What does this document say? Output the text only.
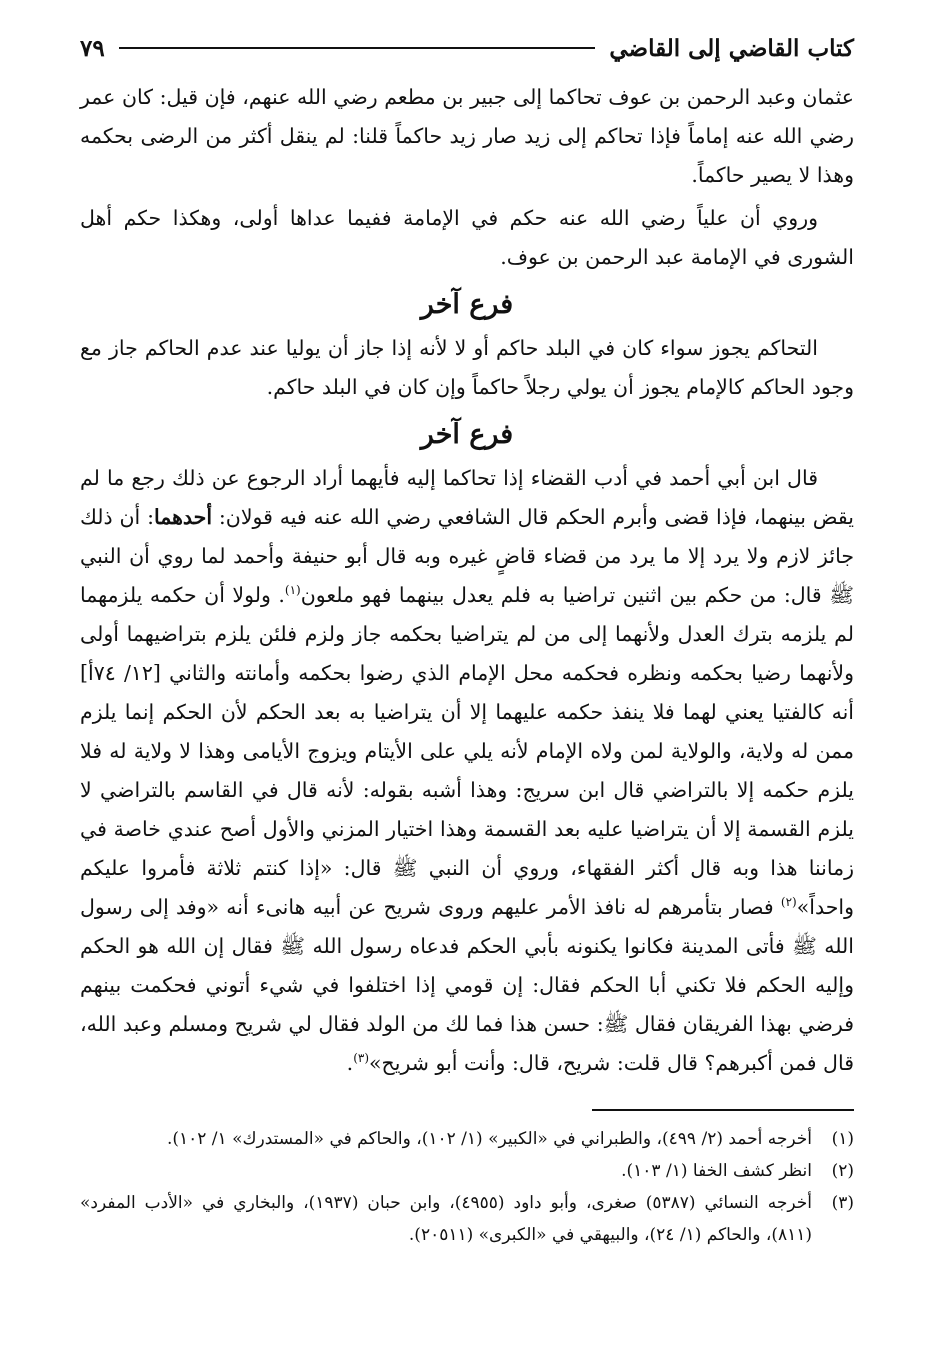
كتاب القاضي إلى القاضي
٧٩

عثمان وعبد الرحمن بن عوف تحاكما إلى جبير بن مطعم رضي الله عنهم، فإن قيل: كان عمر رضي الله عنه إماماً فإذا تحاكم إلى زيد صار زيد حاكماً قلنا: لم ينقل أكثر من الرضى بحكمه وهذا لا يصير حاكماً.

وروي أن علياً رضي الله عنه حكم في الإمامة ففيما عداها أولى، وهكذا حكم أهل الشورى في الإمامة عبد الرحمن بن عوف.

فرع آخر

التحاكم يجوز سواء كان في البلد حاكم أو لا لأنه إذا جاز أن يوليا عند عدم الحاكم جاز مع وجود الحاكم كالإمام يجوز أن يولي رجلاً حاكماً وإن كان في البلد حاكم.

فرع آخر

قال ابن أبي أحمد في أدب القضاء إذا تحاكما إليه فأيهما أراد الرجوع عن ذلك رجع ما لم يقض بينهما، فإذا قضى وأبرم الحكم قال الشافعي رضي الله عنه فيه قولان: أحدهما: أن ذلك جائز لازم ولا يرد إلا ما يرد من قضاء قاضٍ غيره وبه قال أبو حنيفة وأحمد لما روي أن النبي ﷺ قال: من حكم بين اثنين تراضيا به فلم يعدل بينهما فهو ملعون$^{(١)}$. ولولا أن حكمه يلزمهما لم يلزمه بترك العدل ولأنهما إلى من لم يتراضيا بحكمه جاز ولزم فلئن يلزم بتراضيهما أولى ولأنهما رضيا بحكمه ونظره فحكمه محل الإمام الذي رضوا بحكمه وأمانته والثاني [١٢/ ٧٤أ] أنه كالفتيا يعني لهما فلا ينفذ حكمه عليهما إلا أن يتراضيا به بعد الحكم لأن الحكم إنما يلزم ممن له ولاية، والولاية لمن ولاه الإمام لأنه يلي على الأيتام ويزوج الأيامى وهذا لا ولاية له فلا يلزم حكمه إلا بالتراضي قال ابن سريج: وهذا أشبه بقوله: لأنه قال في القاسم بالتراضي لا يلزم القسمة إلا أن يتراضيا عليه بعد القسمة وهذا اختيار المزني والأول أصح عندي خاصة في زماننا هذا وبه قال أكثر الفقهاء، وروي أن النبي ﷺ قال: «إذا كنتم ثلاثة فأمروا عليكم واحداً»$^{(٢)}$ فصار بتأمرهم له نافذ الأمر عليهم وروى شريح عن أبيه هانىء أنه «وفد إلى رسول الله ﷺ فأتى المدينة فكانوا يكنونه بأبي الحكم فدعاه رسول الله ﷺ فقال إن الله هو الحكم وإليه الحكم فلا تكني أبا الحكم فقال: إن قومي إذا اختلفوا في شيء أتوني فحكمت بينهم فرضي بهذا الفريقان فقال ﷺ: حسن هذا فما لك من الولد فقال لي شريح ومسلم وعبد الله، قال فمن أكبرهم؟ قال قلت: شريح، قال: وأنت أبو شريح»$^{(٣)}$.

(١)
أخرجه أحمد (٢/ ٤٩٩)، والطبراني في «الكبير» (١/ ١٠٢)، والحاكم في «المستدرك» ١/ ١٠٢).
(٢)
انظر كشف الخفا (١/ ١٠٣).
(٣)
أخرجه النسائي (٥٣٨٧) صغرى، وأبو داود (٤٩٥٥)، وابن حبان (١٩٣٧)، والبخاري في «الأدب المفرد» (٨١١)، والحاكم (١/ ٢٤)، والبيهقي في «الكبرى» (٢٠٥١١).
